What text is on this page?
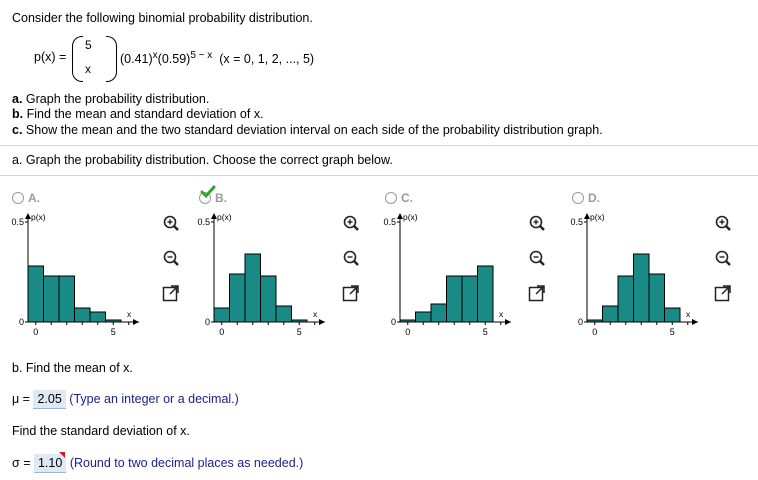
Consider the following binomial probability distribution.
p(x) =
5
x
$(0.41)^x(0.59)^{5 - x}$ (x = 0, 1, 2, ..., 5)
a. Graph the probability distribution.
b. Find the mean and standard deviation of x.
c. Show the mean and the two standard deviation interval on each side of the probability distribution graph.
a. Graph the probability distribution. Choose the correct graph below.
A.	B.	C.	D.
p(x)
0.5
0
x
0	5
p(x)
0.5
0
x
0	5
p(x)
0.5
0
x
0	5
p(x)
0.5
0
x
0	5

b. Find the mean of x.
μ = 2.05 (Type an integer or a decimal.)
Find the standard deviation of x.
σ = 1.10 (Round to two decimal places as needed.)
